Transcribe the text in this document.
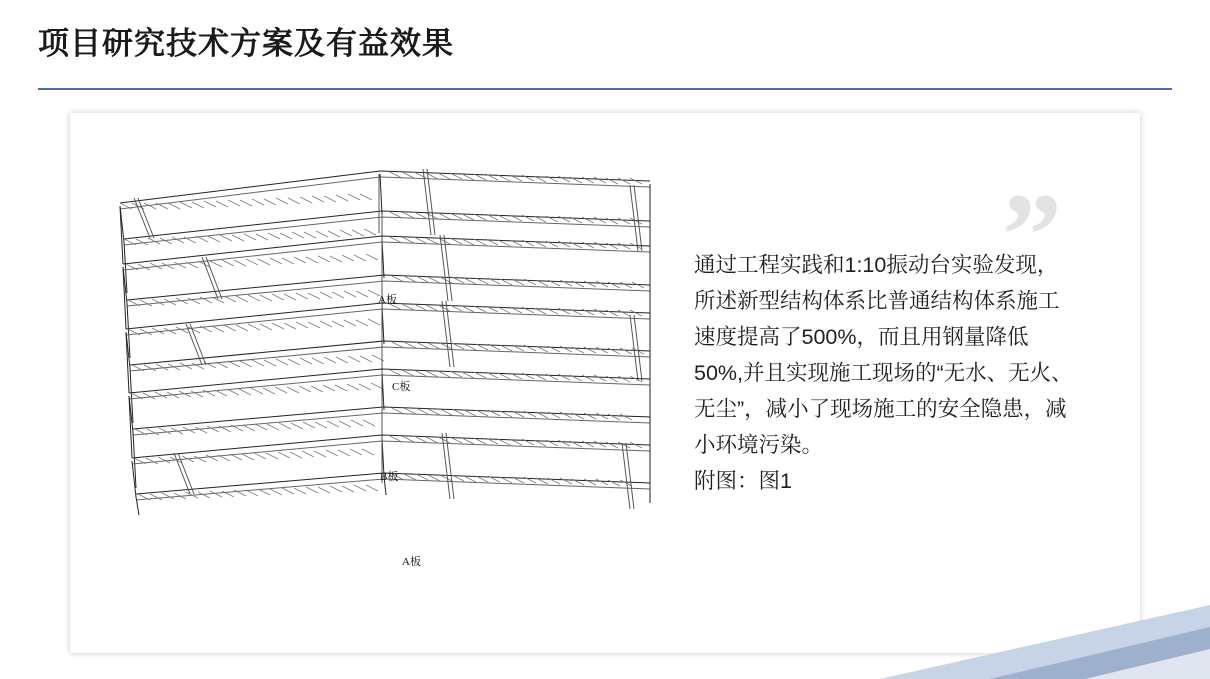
项目研究技术方案及有益效果
A板
C板
B板
A板
”

通过工程实践和1:10振动台实验发现，所述新型结构体系比普通结构体系施工速度提高了500%，而且用钢量降低50%,并且实现施工现场的“无水、无火、无尘”，减小了现场施工的安全隐患，减小环境污染。

附图：图1
